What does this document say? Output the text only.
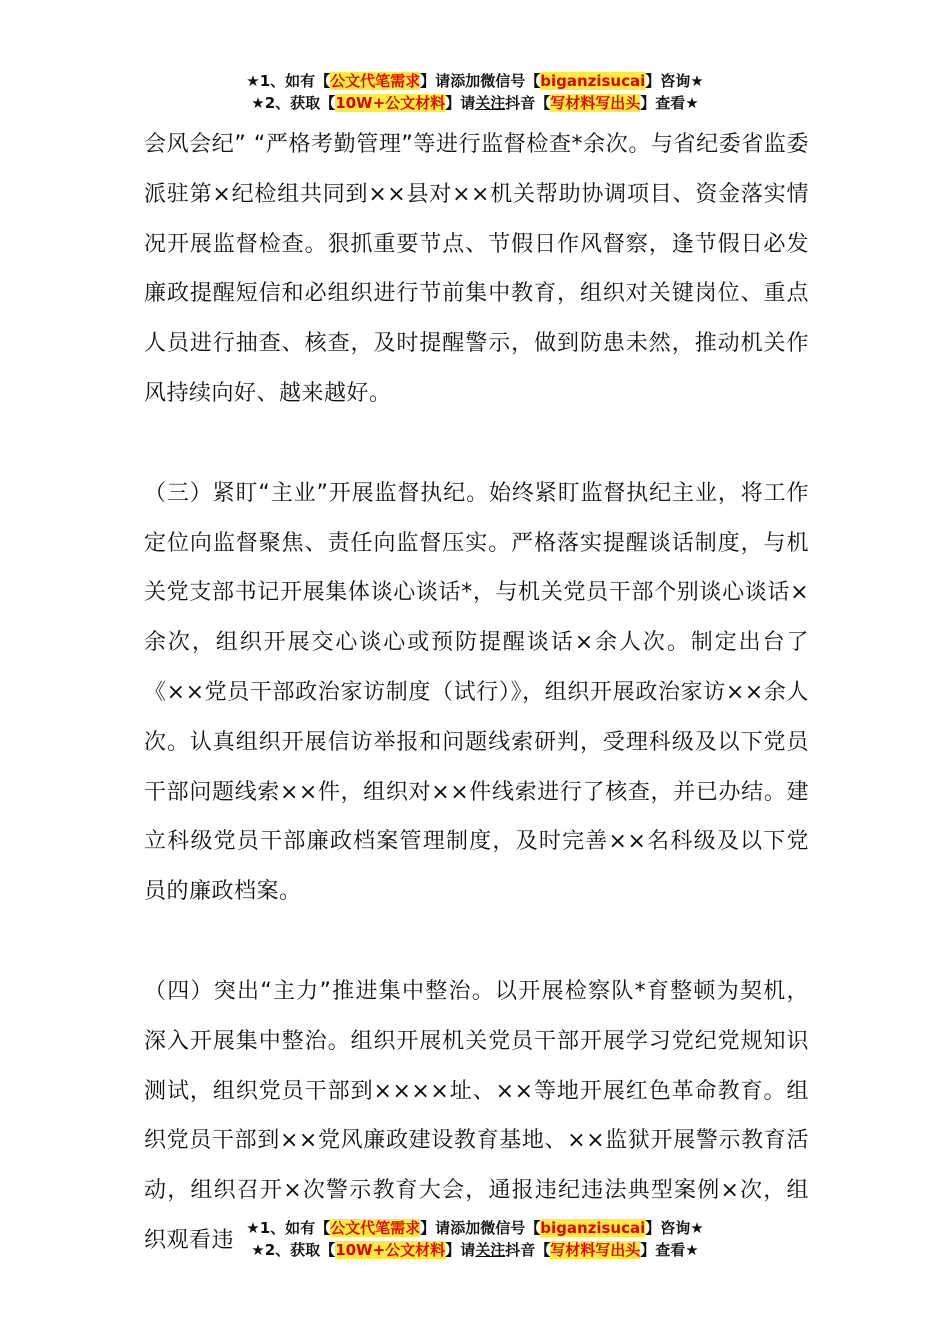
★1、如有【公文代笔需求】请添加微信号【biganzisucai】咨询★
★2、获取【10W+公文材料】请关注抖音【写材料写出头】查看★

会风会纪” “严格考勤管理”等进行监督检查*余次。与省纪委省监委派驻第×纪检组共同到××县对××机关帮助协调项目、资金落实情况开展监督检查。狠抓重要节点、节假日作风督察，逢节假日必发廉政提醒短信和必组织进行节前集中教育，组织对关键岗位、重点人员进行抽查、核查，及时提醒警示，做到防患未然，推动机关作风持续向好、越来越好。

（三）紧盯“主业”开展监督执纪。始终紧盯监督执纪主业，将工作定位向监督聚焦、责任向监督压实。严格落实提醒谈话制度，与机关党支部书记开展集体谈心谈话*，与机关党员干部个别谈心谈话×余次，组织开展交心谈心或预防提醒谈话×余人次。制定出台了《××党员干部政治家访制度（试行）》，组织开展政治家访××余人次。认真组织开展信访举报和问题线索研判，受理科级及以下党员干部问题线索××件，组织对××件线索进行了核查，并已办结。建立科级党员干部廉政档案管理制度，及时完善××名科级及以下党员的廉政档案。

（四）突出“主力”推进集中整治。以开展检察队*育整顿为契机，深入开展集中整治。组织开展机关党员干部开展学习党纪党规知识测试，组织党员干部到××××址、××等地开展红色革命教育。组织党员干部到××党风廉政建设教育基地、××监狱开展警示教育活动，组织召开×次警示教育大会，通报违纪违法典型案例×次，组织观看违 ★1、如有【公文代笔需求】请添加微信号【biganzisucai】咨询★
★2、获取【10W+公文材料】请关注抖音【写材料写出头】查看★
